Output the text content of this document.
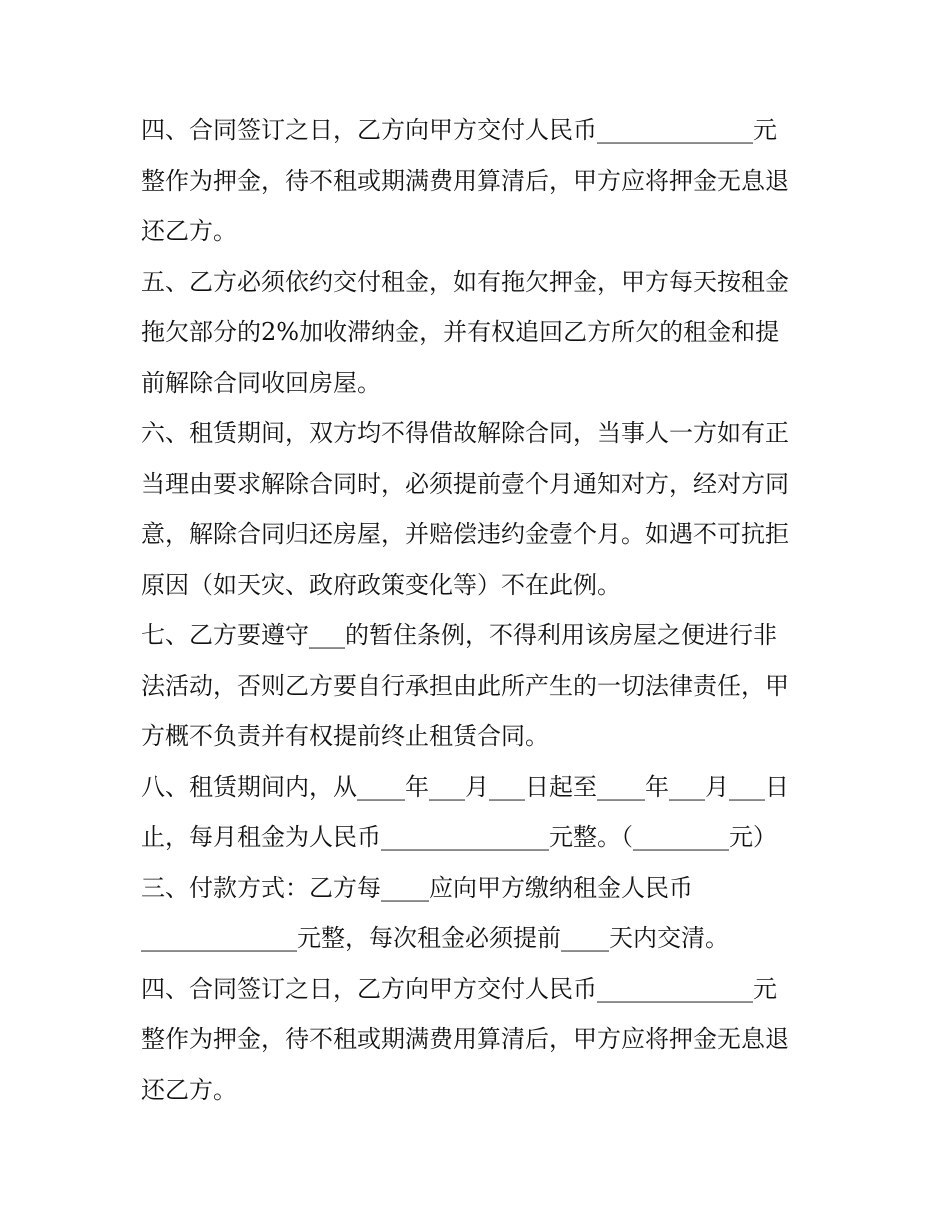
四、合同签订之日，乙方向甲方交付人民币_____________元
整作为押金，待不租或期满费用算清后，甲方应将押金无息退
还乙方。
五、乙方必须依约交付租金，如有拖欠押金，甲方每天按租金
拖欠部分的2%加收滞纳金，并有权追回乙方所欠的租金和提
前解除合同收回房屋。
六、租赁期间，双方均不得借故解除合同，当事人一方如有正
当理由要求解除合同时，必须提前壹个月通知对方，经对方同
意，解除合同归还房屋，并赔偿违约金壹个月。如遇不可抗拒
原因（如天灾、政府政策变化等）不在此例。
七、乙方要遵守___的暂住条例，不得利用该房屋之便进行非
法活动，否则乙方要自行承担由此所产生的一切法律责任，甲
方概不负责并有权提前终止租赁合同。
八、租赁期间内，从____年___月___日起至____年___月___日
止，每月租金为人民币______________元整。（________元）
三、付款方式：乙方每____应向甲方缴纳租金人民币
_____________元整，每次租金必须提前____天内交清。
四、合同签订之日，乙方向甲方交付人民币_____________元
整作为押金，待不租或期满费用算清后，甲方应将押金无息退
还乙方。
